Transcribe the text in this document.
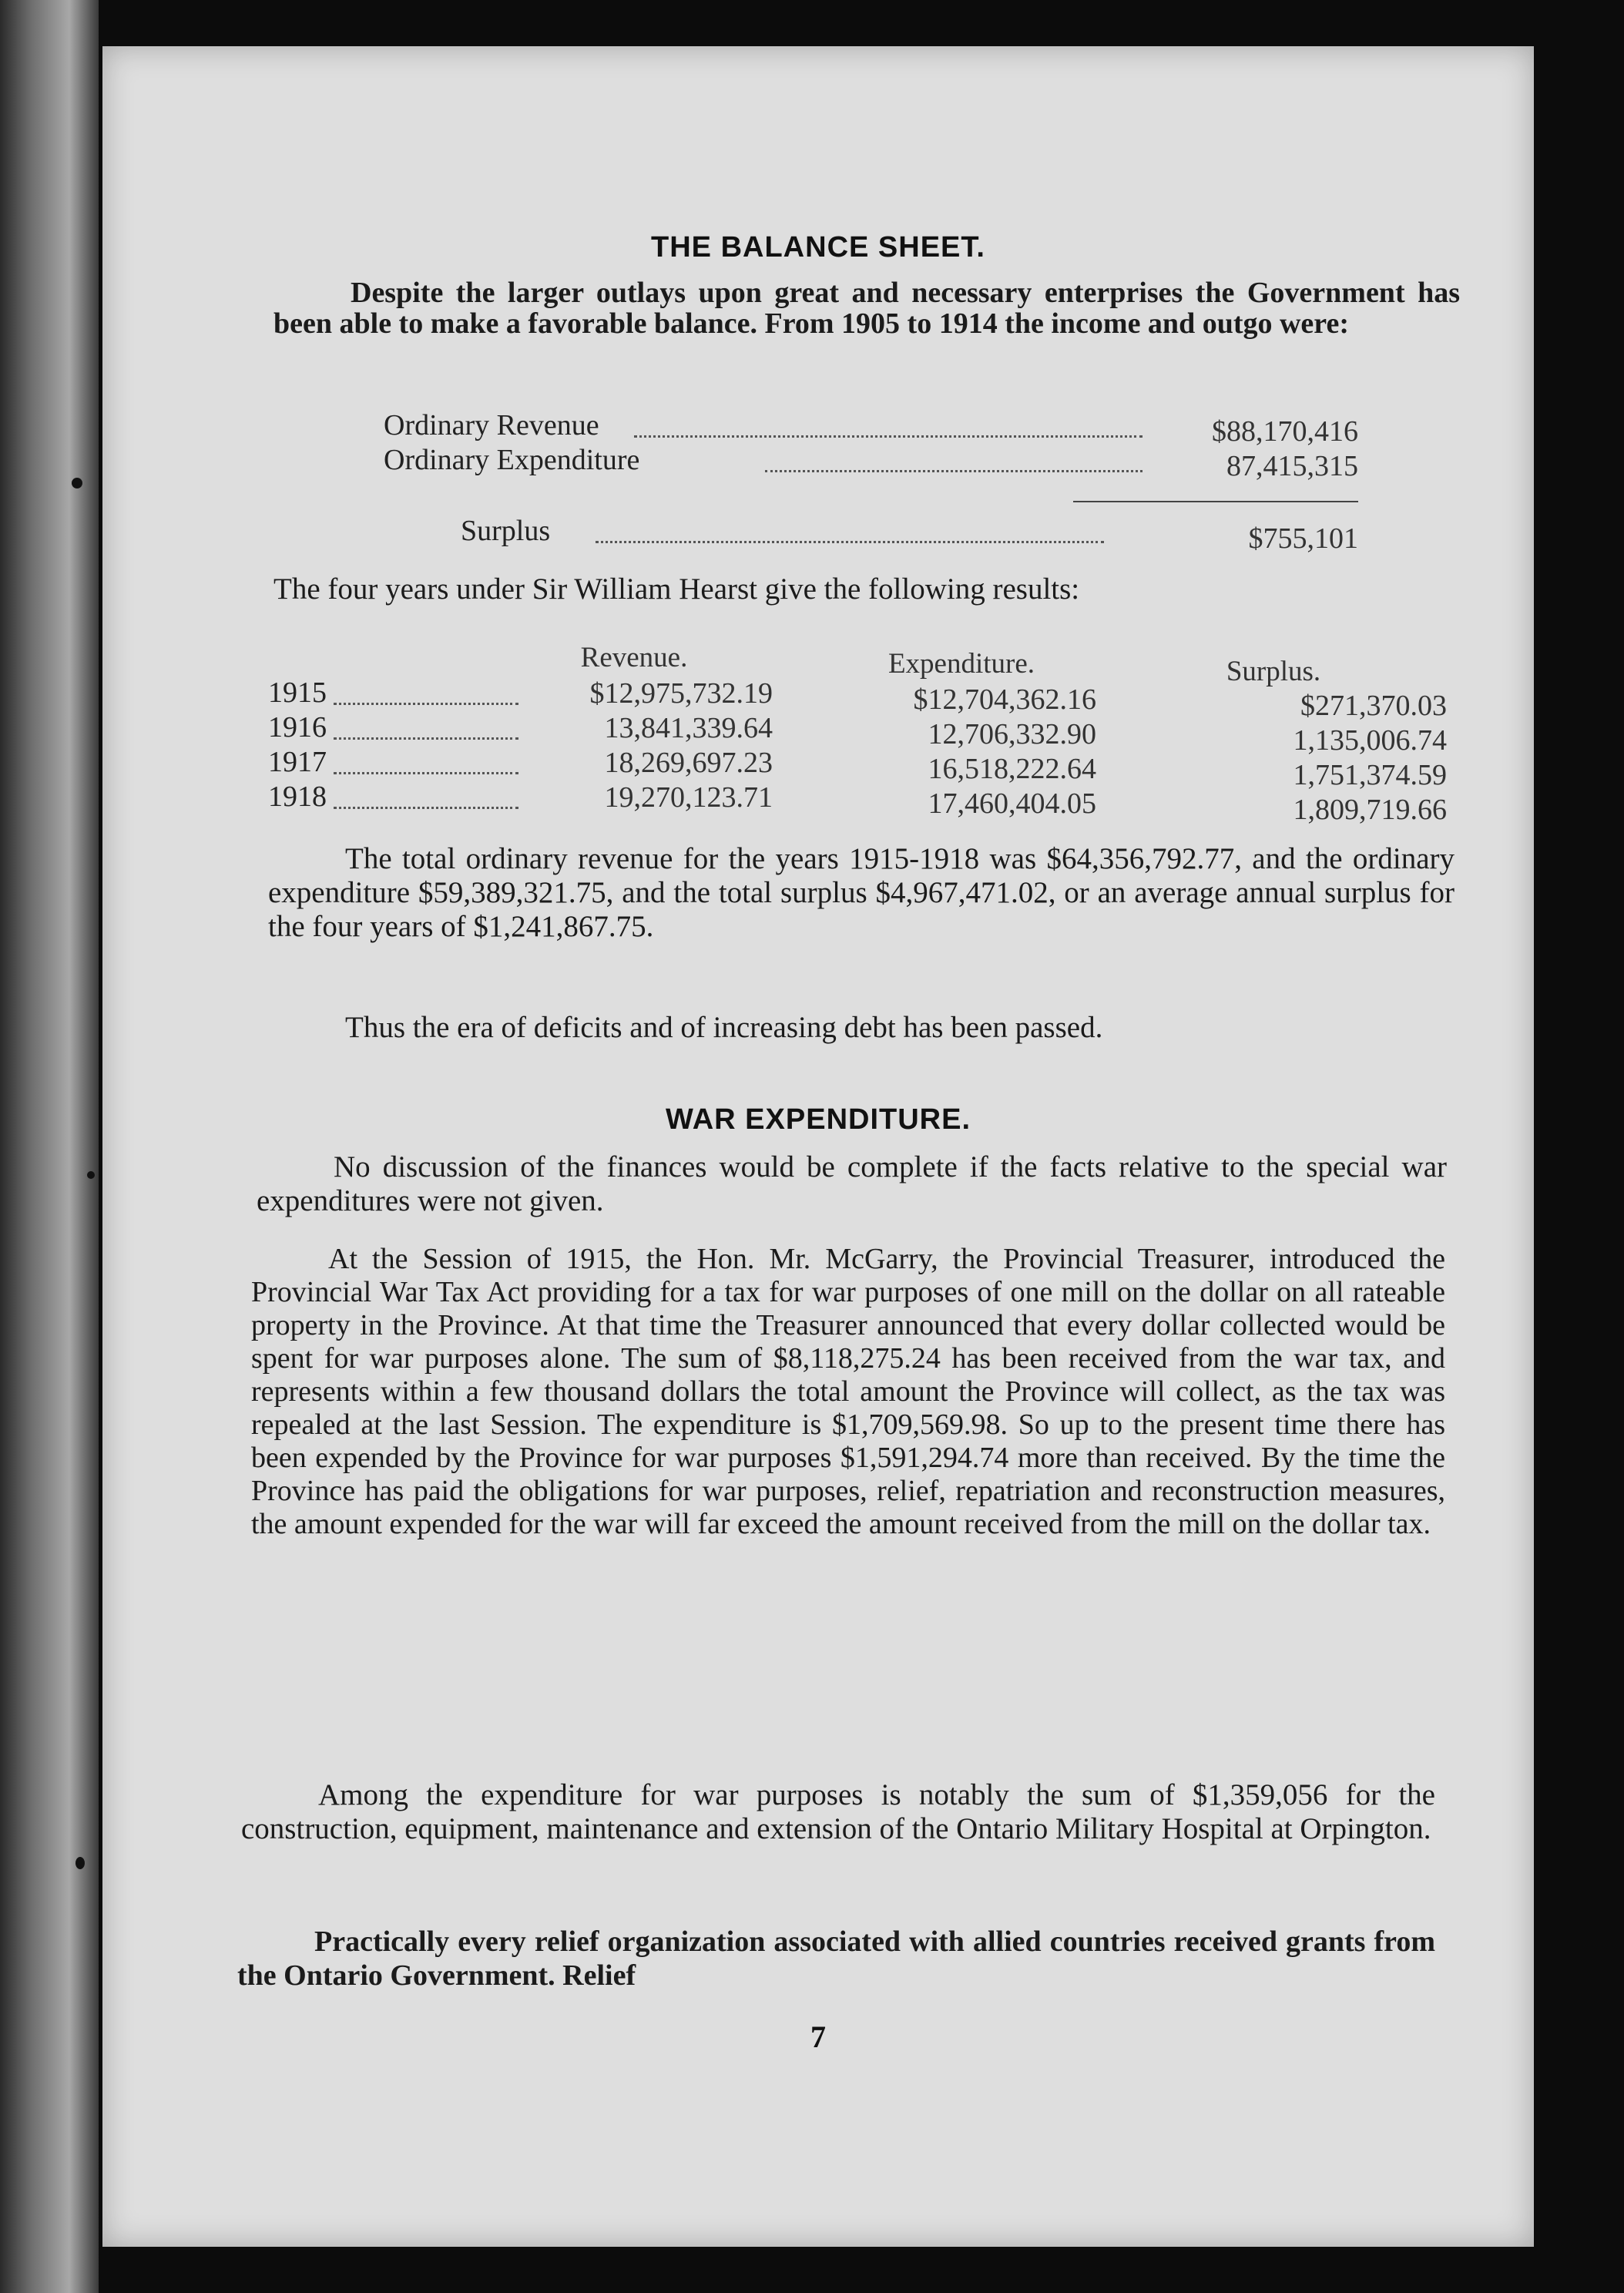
THE BALANCE SHEET.
Despite the larger outlays upon great and necessary enterprises the Government has been able to make a favorable balance. From 1905 to 1914 the income and outgo were:
Ordinary Revenue	$88,170,416
Ordinary Expenditure	87,415,315
Surplus	$755,101
The four years under Sir William Hearst give the following results:
Revenue.	Expenditure.	Surplus.
1915	$12,975,732.19	$12,704,362.16	$271,370.03
1916	13,841,339.64	12,706,332.90	1,135,006.74
1917	18,269,697.23	16,518,222.64	1,751,374.59
1918	19,270,123.71	17,460,404.05	1,809,719.66
The total ordinary revenue for the years 1915-1918 was $64,356,792.77, and the ordinary expenditure $59,389,321.75, and the total surplus $4,967,471.02, or an average annual surplus for the four years of $1,241,867.75.
Thus the era of deficits and of increasing debt has been passed.
WAR EXPENDITURE.
No discussion of the finances would be complete if the facts relative to the special war expenditures were not given.
At the Session of 1915, the Hon. Mr. McGarry, the Provincial Treasurer, introduced the Provincial War Tax Act providing for a tax for war purposes of one mill on the dollar on all rateable property in the Province. At that time the Treasurer announced that every dollar collected would be spent for war purposes alone. The sum of $8,118,275.24 has been received from the war tax, and represents within a few thousand dollars the total amount the Province will collect, as the tax was repealed at the last Session. The expenditure is $1,709,569.98. So up to the present time there has been expended by the Province for war purposes $1,591,294.74 more than received. By the time the Province has paid the obligations for war purposes, relief, repatriation and reconstruction measures, the amount expended for the war will far exceed the amount received from the mill on the dollar tax.
Among the expenditure for war purposes is notably the sum of $1,359,056 for the construction, equipment, maintenance and extension of the Ontario Military Hospital at Orpington.
Practically every relief organization associated with allied countries received grants from the Ontario Government. Relief
7
